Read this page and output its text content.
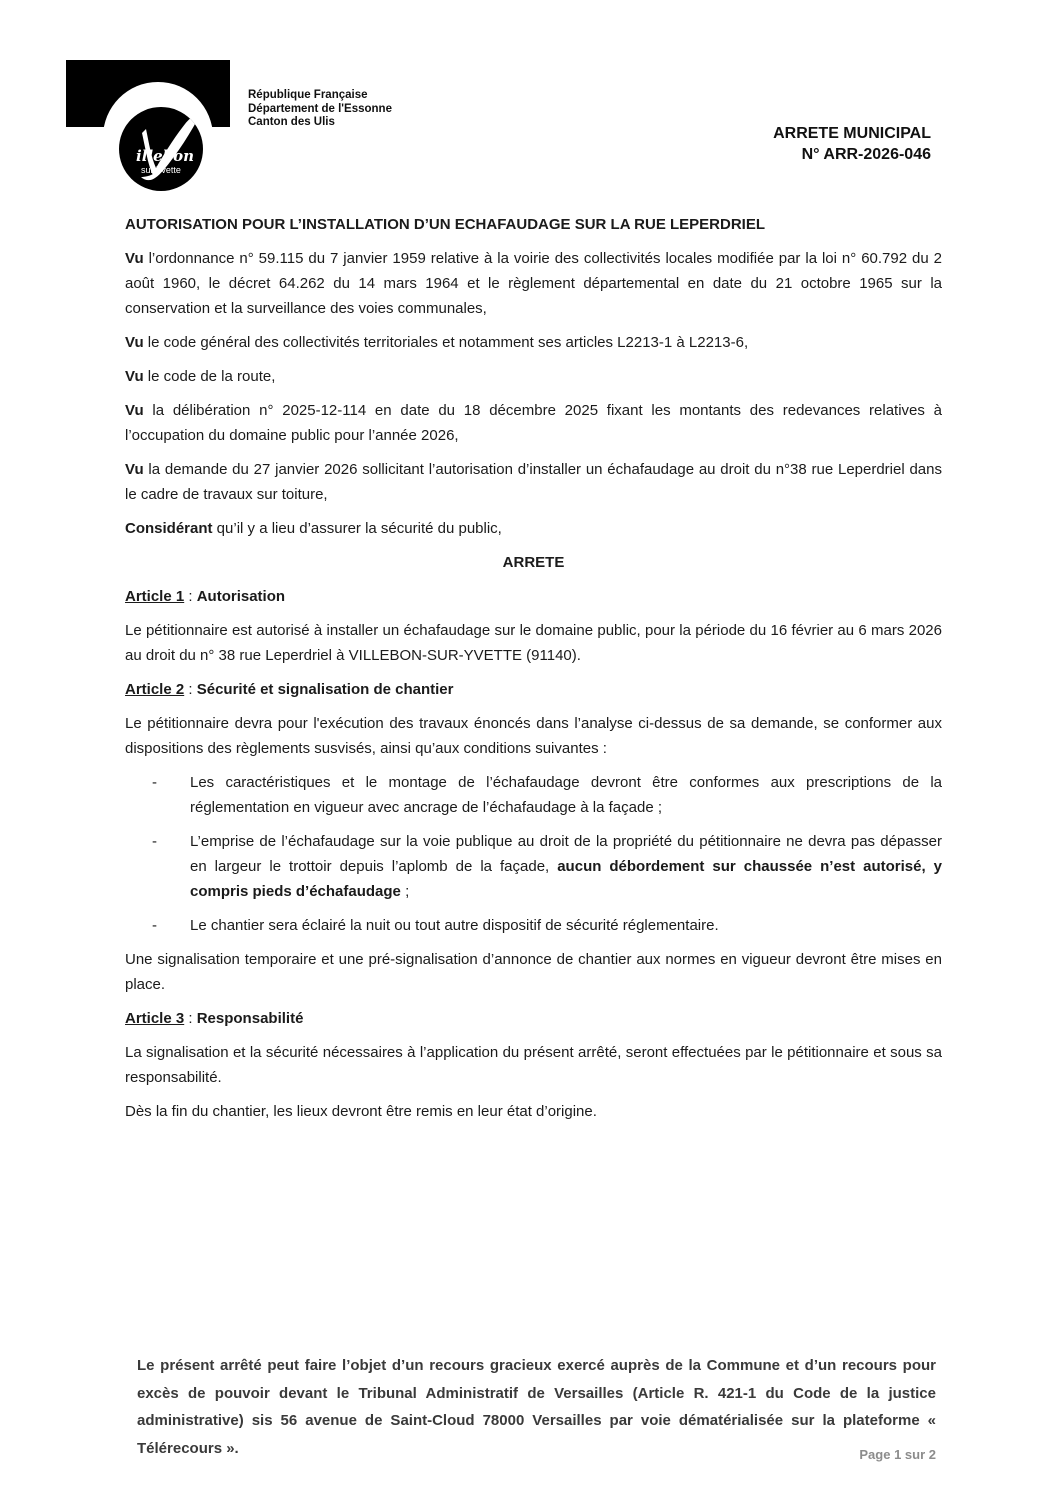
illebon
sur Yvette
République Française
Département de l'Essonne
Canton des Ulis
ARRETE MUNICIPAL
N° ARR-2026-046
AUTORISATION POUR L’INSTALLATION D’UN ECHAFAUDAGE SUR LA RUE LEPERDRIEL
Vu l’ordonnance n° 59.115 du 7 janvier 1959 relative à la voirie des collectivités locales modifiée par la loi n° 60.792 du 2 août 1960, le décret 64.262 du 14 mars 1964 et le règlement départemental en date du 21 octobre 1965 sur la conservation et la surveillance des voies communales,
Vu le code général des collectivités territoriales et notamment ses articles L2213-1 à L2213-6,
Vu le code de la route,
Vu la délibération n° 2025-12-114 en date du 18 décembre 2025 fixant les montants des redevances relatives à l’occupation du domaine public pour l’année 2026,
Vu la demande du 27 janvier 2026 sollicitant l’autorisation d’installer un échafaudage au droit du n°38 rue Leperdriel dans le cadre de travaux sur toiture,
Considérant qu’il y a lieu d’assurer la sécurité du public,
ARRETE
Article 1 : Autorisation
Le pétitionnaire est autorisé à installer un échafaudage sur le domaine public, pour la période du 16 février au 6 mars 2026 au droit du n° 38 rue Leperdriel à VILLEBON-SUR-YVETTE (91140).
Article 2 : Sécurité et signalisation de chantier
Le pétitionnaire devra pour l'exécution des travaux énoncés dans l’analyse ci-dessus de sa demande, se conformer aux dispositions des règlements susvisés, ainsi qu’aux conditions suivantes :
- Les caractéristiques et le montage de l’échafaudage devront être conformes aux prescriptions de la réglementation en vigueur avec ancrage de l’échafaudage à la façade ;
- L’emprise de l’échafaudage sur la voie publique au droit de la propriété du pétitionnaire ne devra pas dépasser en largeur le trottoir depuis l’aplomb de la façade, aucun débordement sur chaussée n’est autorisé, y compris pieds d’échafaudage ;
- Le chantier sera éclairé la nuit ou tout autre dispositif de sécurité réglementaire.
Une signalisation temporaire et une pré-signalisation d’annonce de chantier aux normes en vigueur devront être mises en place.
Article 3 : Responsabilité
La signalisation et la sécurité nécessaires à l’application du présent arrêté, seront effectuées par le pétitionnaire et sous sa responsabilité.
Dès la fin du chantier, les lieux devront être remis en leur état d’origine.
Le présent arrêté peut faire l’objet d’un recours gracieux exercé auprès de la Commune et d’un recours pour excès de pouvoir devant le Tribunal Administratif de Versailles (Article R. 421-1 du Code de la justice administrative) sis 56 avenue de Saint-Cloud 78000 Versailles par voie dématérialisée sur la plateforme « Télérecours ».	Page 1 sur 2
